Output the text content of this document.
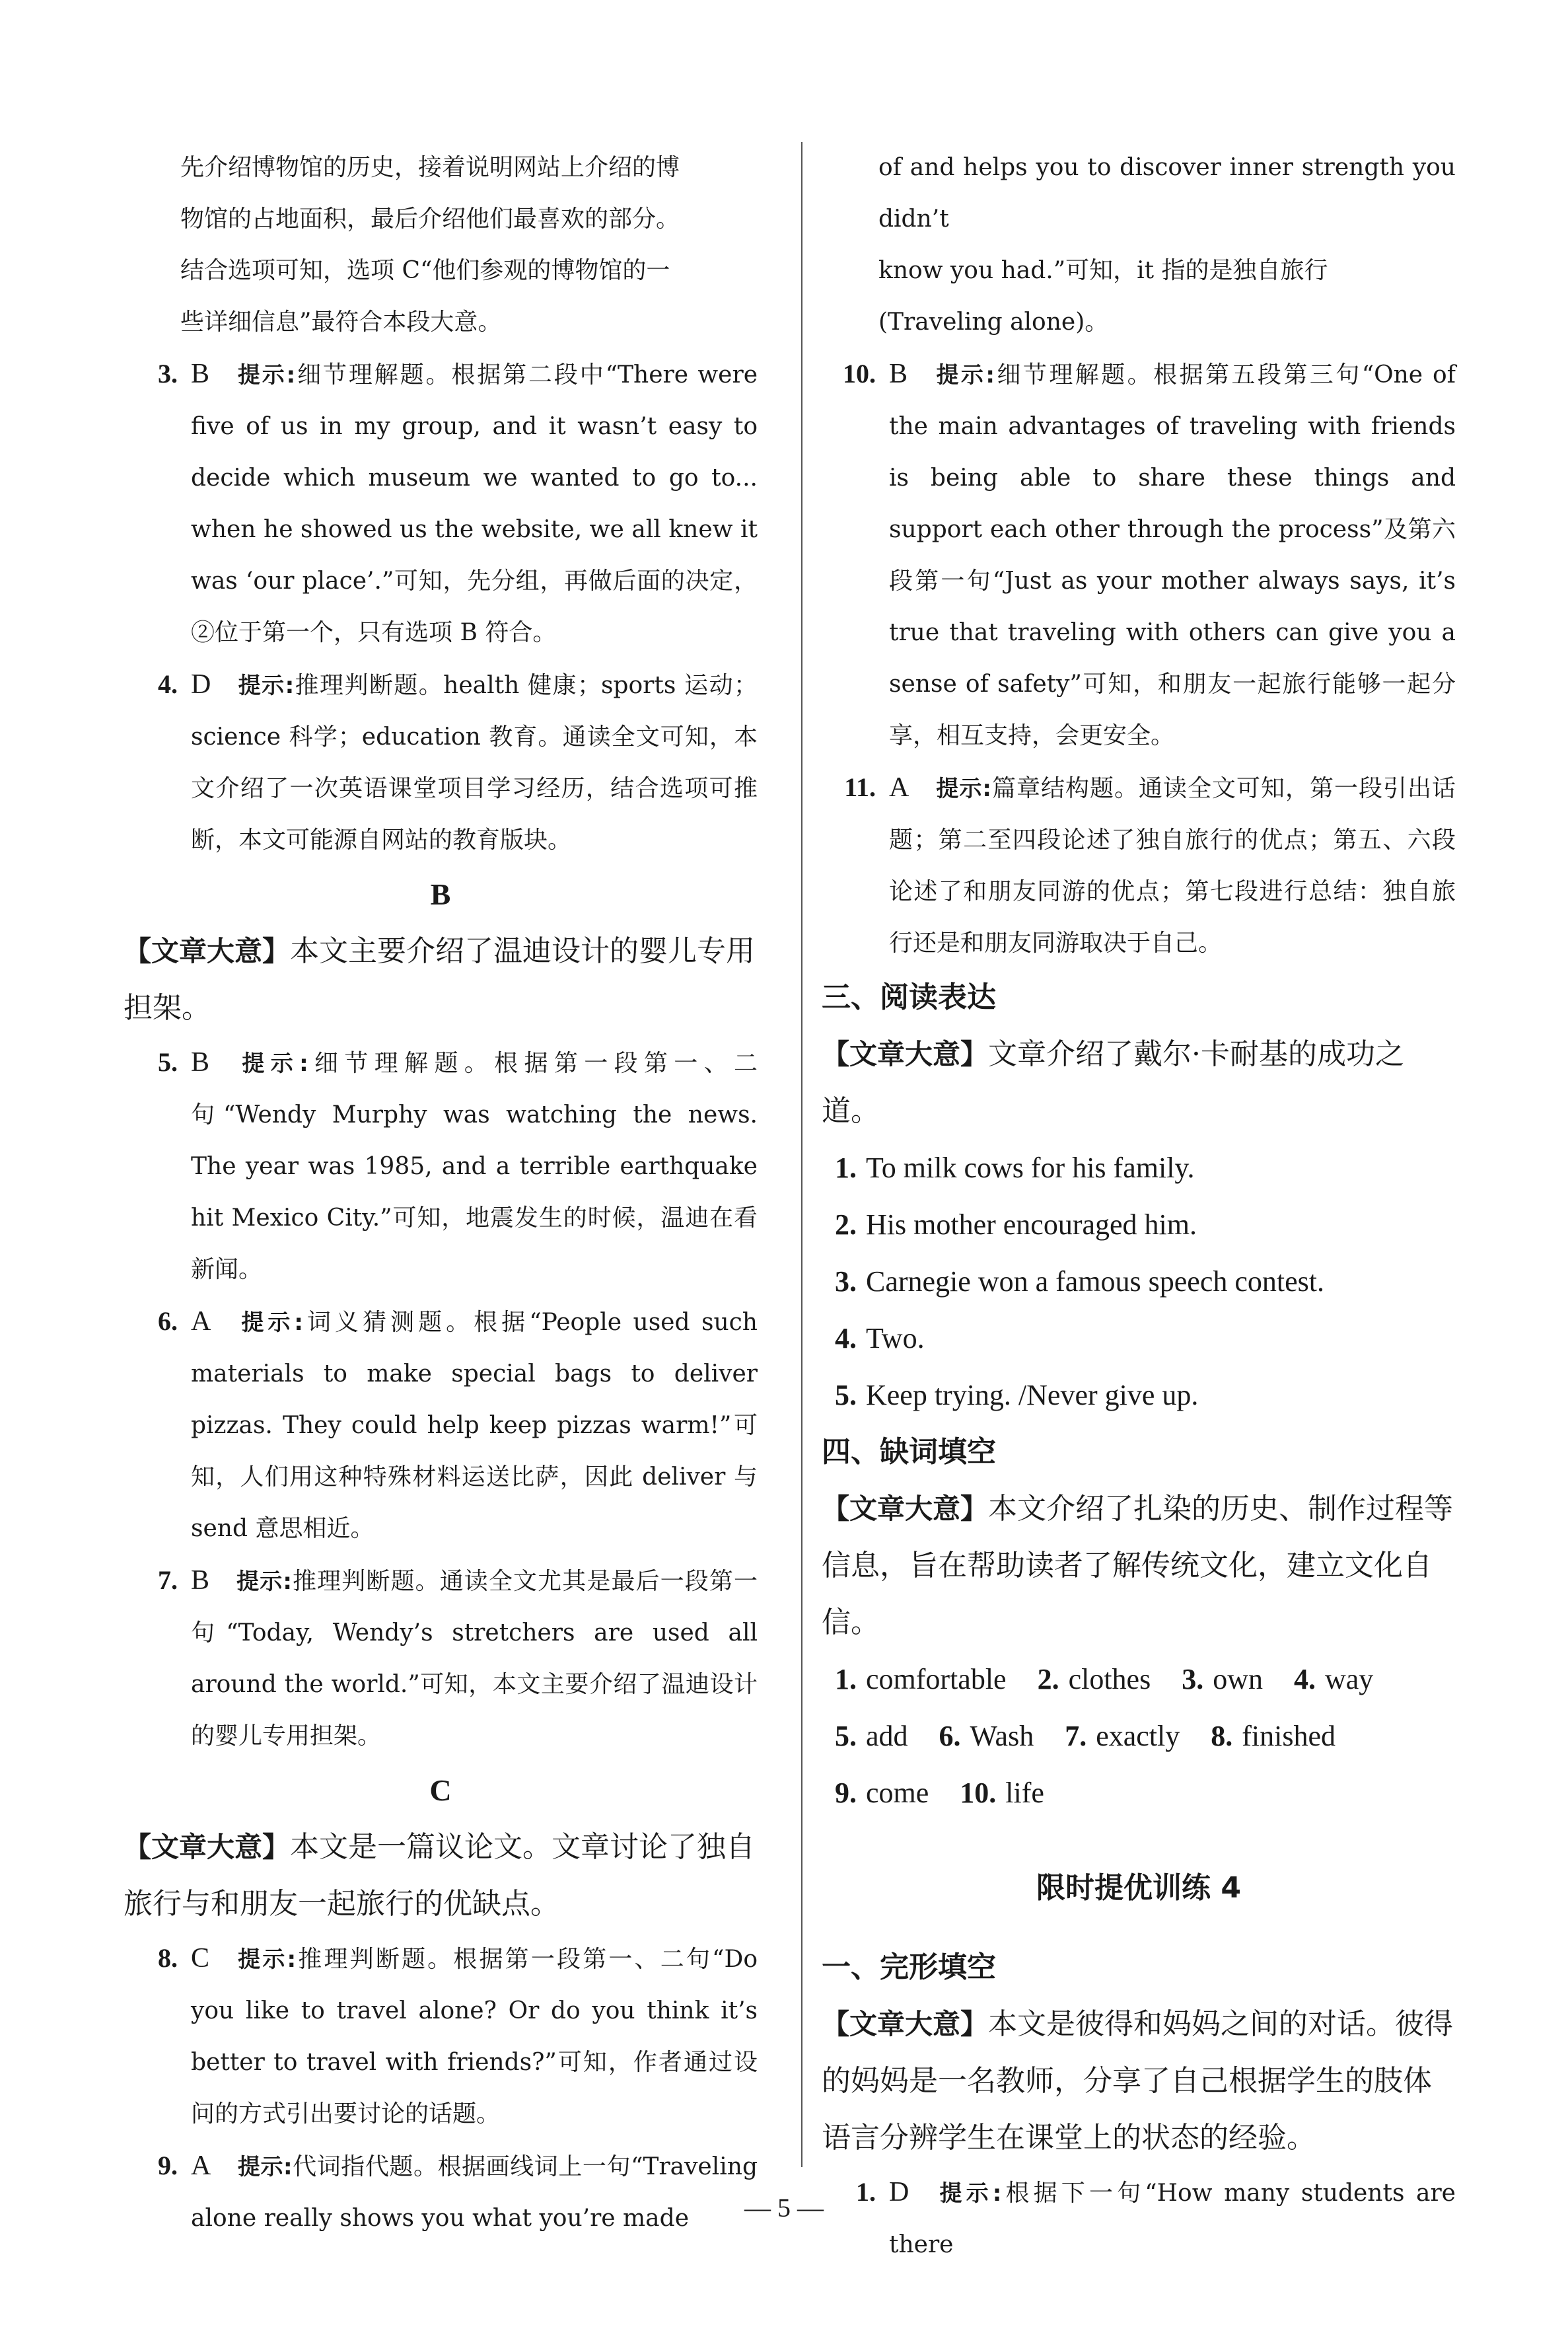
先介绍博物馆的历史，接着说明网站上介绍的博

物馆的占地面积，最后介绍他们最喜欢的部分。

结合选项可知，选项 C“他们参观的博物馆的一

些详细信息”最符合本段大意。

3. B 提示:细节理解题。根据第二段中“There were five of us in my group, and it wasn’t easy to decide which museum we wanted to go to... when he showed us the website, we all knew it was ‘our place’.”可知，先分组，再做后面的决定，②位于第一个，只有选项 B 符合。
4. D 提示:推理判断题。health 健康；sports 运动；science 科学；education 教育。通读全文可知，本文介绍了一次英语课堂项目学习经历，结合选项可推断，本文可能源自网站的教育版块。

B

【文章大意】本文主要介绍了温迪设计的婴儿专用担架。

5. B 提示:细节理解题。根据第一段第一、二句“Wendy Murphy was watching the news. The year was 1985, and a terrible earthquake hit Mexico City.”可知，地震发生的时候，温迪在看新闻。
6. A 提示:词义猜测题。根据“People used such materials to make special bags to deliver pizzas. They could help keep pizzas warm!”可知，人们用这种特殊材料运送比萨，因此 deliver 与 send 意思相近。
7. B 提示:推理判断题。通读全文尤其是最后一段第一句“Today, Wendy’s stretchers are used all around the world.”可知，本文主要介绍了温迪设计的婴儿专用担架。

C

【文章大意】本文是一篇议论文。文章讨论了独自旅行与和朋友一起旅行的优缺点。

8. C 提示:推理判断题。根据第一段第一、二句“Do you like to travel alone? Or do you think it’s better to travel with friends?”可知，作者通过设问的方式引出要讨论的话题。
9. A 提示:代词指代题。根据画线词上一句“Traveling alone really shows you what you’re made

of and helps you to discover inner strength you didn’t

know you had.”可知，it 指的是独自旅行

(Traveling alone)。

10. B 提示:细节理解题。根据第五段第三句“One of the main advantages of traveling with friends is being able to share these things and support each other through the process”及第六段第一句“Just as your mother always says, it’s true that traveling with others can give you a sense of safety”可知，和朋友一起旅行能够一起分享，相互支持，会更安全。
11. A 提示:篇章结构题。通读全文可知，第一段引出话题；第二至四段论述了独自旅行的优点；第五、六段论述了和朋友同游的优点；第七段进行总结：独自旅行还是和朋友同游取决于自己。

三、阅读表达

【文章大意】文章介绍了戴尔·卡耐基的成功之道。

1. To milk cows for his family.

2. His mother encouraged him.

3. Carnegie won a famous speech contest.

4. Two.

5. Keep trying. /Never give up.

四、缺词填空

【文章大意】本文介绍了扎染的历史、制作过程等信息，旨在帮助读者了解传统文化，建立文化自信。

1. comfortable 2. clothes 3. own 4. way

5. add 6. Wash 7. exactly 8. finished

9. come 10. life

限时提优训练 4

一、完形填空

【文章大意】本文是彼得和妈妈之间的对话。彼得的妈妈是一名教师，分享了自己根据学生的肢体语言分辨学生在课堂上的状态的经验。

1. D 提示:根据下一句“How many students are there
— 5 —
